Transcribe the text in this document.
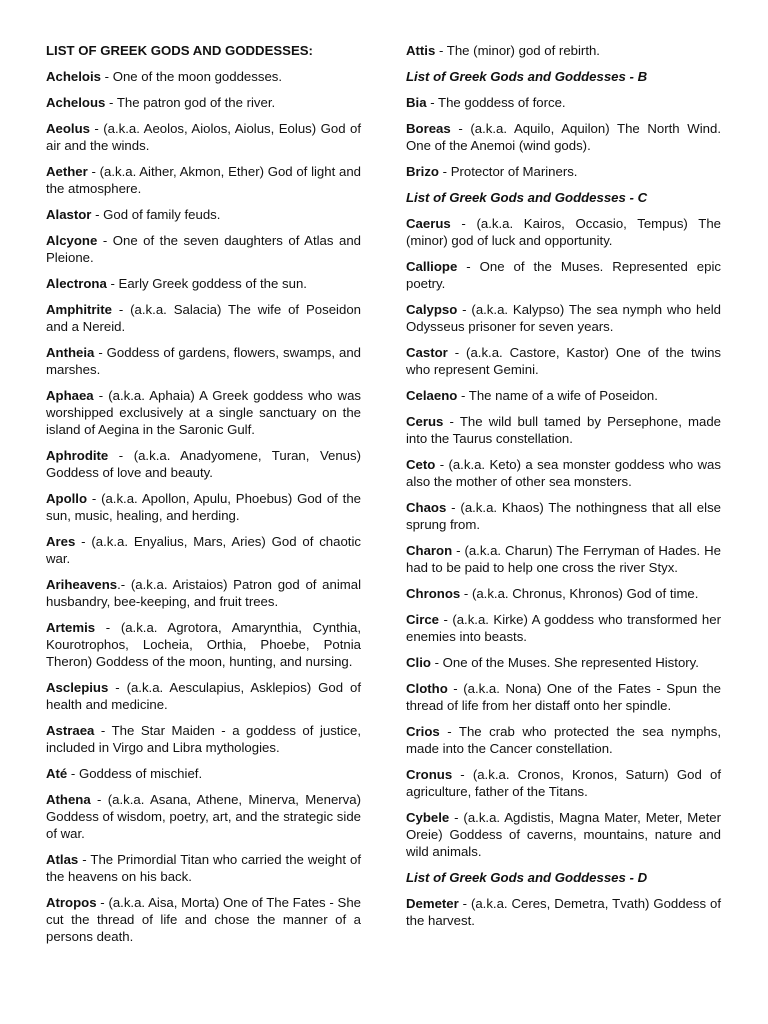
LIST OF GREEK GODS AND GODDESSES:
Achelois - One of the moon goddesses.
Achelous - The patron god of the river.
Aeolus - (a.k.a. Aeolos, Aiolos, Aiolus, Eolus) God of air and the winds.
Aether - (a.k.a. Aither, Akmon, Ether) God of light and the atmosphere.
Alastor - God of family feuds.
Alcyone - One of the seven daughters of Atlas and Pleione.
Alectrona - Early Greek goddess of the sun.
Amphitrite - (a.k.a. Salacia) The wife of Poseidon and a Nereid.
Antheia - Goddess of gardens, flowers, swamps, and marshes.
Aphaea - (a.k.a. Aphaia) A Greek goddess who was worshipped exclusively at a single sanctuary on the island of Aegina in the Saronic Gulf.
Aphrodite - (a.k.a. Anadyomene, Turan, Venus) Goddess of love and beauty.
Apollo - (a.k.a. Apollon, Apulu, Phoebus) God of the sun, music, healing, and herding.
Ares - (a.k.a. Enyalius, Mars, Aries) God of chaotic war.
Ariheavens.- (a.k.a. Aristaios) Patron god of animal husbandry, bee-keeping, and fruit trees.
Artemis - (a.k.a. Agrotora, Amarynthia, Cynthia, Kourotrophos, Locheia, Orthia, Phoebe, Potnia Theron) Goddess of the moon, hunting, and nursing.
Asclepius - (a.k.a. Aesculapius, Asklepios) God of health and medicine.
Astraea - The Star Maiden - a goddess of justice, included in Virgo and Libra mythologies.
Até - Goddess of mischief.
Athena - (a.k.a. Asana, Athene, Minerva, Menerva) Goddess of wisdom, poetry, art, and the strategic side of war.
Atlas - The Primordial Titan who carried the weight of the heavens on his back.
Atropos - (a.k.a. Aisa, Morta) One of The Fates - She cut the thread of life and chose the manner of a persons death.
Attis - The (minor) god of rebirth.
List of Greek Gods and Goddesses - B
Bia - The goddess of force.
Boreas - (a.k.a. Aquilo, Aquilon) The North Wind. One of the Anemoi (wind gods).
Brizo - Protector of Mariners.
List of Greek Gods and Goddesses - C
Caerus - (a.k.a. Kairos, Occasio, Tempus) The (minor) god of luck and opportunity.
Calliope - One of the Muses. Represented epic poetry.
Calypso - (a.k.a. Kalypso) The sea nymph who held Odysseus prisoner for seven years.
Castor - (a.k.a. Castore, Kastor) One of the twins who represent Gemini.
Celaeno - The name of a wife of Poseidon.
Cerus - The wild bull tamed by Persephone, made into the Taurus constellation.
Ceto - (a.k.a. Keto) a sea monster goddess who was also the mother of other sea monsters.
Chaos - (a.k.a. Khaos) The nothingness that all else sprung from.
Charon - (a.k.a. Charun) The Ferryman of Hades. He had to be paid to help one cross the river Styx.
Chronos - (a.k.a. Chronus, Khronos) God of time.
Circe - (a.k.a. Kirke) A goddess who transformed her enemies into beasts.
Clio - One of the Muses. She represented History.
Clotho - (a.k.a. Nona) One of the Fates - Spun the thread of life from her distaff onto her spindle.
Crios - The crab who protected the sea nymphs, made into the Cancer constellation.
Cronus - (a.k.a. Cronos, Kronos, Saturn) God of agriculture, father of the Titans.
Cybele - (a.k.a. Agdistis, Magna Mater, Meter, Meter Oreie) Goddess of caverns, mountains, nature and wild animals.
List of Greek Gods and Goddesses - D
Demeter - (a.k.a. Ceres, Demetra, Tvath) Goddess of the harvest.
